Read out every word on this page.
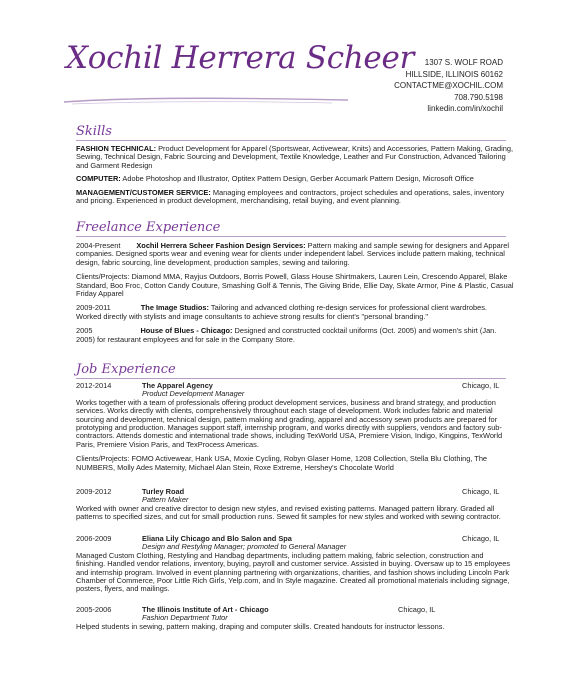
Xochil Herrera Scheer	1307 S. WOLF ROAD
HILLSIDE, ILLINOIS 60162
CONTACTME@XOCHIL.COM
708.790.5198
linkedin.com/in/xochil
Skills

FASHION TECHNICAL: Product Development for Apparel (Sportswear, Activewear, Knits) and Accessories, Pattern Making, Grading, Sewing, Technical Design, Fabric Sourcing and Development, Textile Knowledge, Leather and Fur Construction, Advanced Tailoring and Garment Redesign

COMPUTER: Adobe Photoshop and Illustrator, Optitex Pattern Design, Gerber Accumark Pattern Design, Microsoft Office

MANAGEMENT/CUSTOMER SERVICE: Managing employees and contractors, project schedules and operations, sales, inventory and pricing. Experienced in product development, merchandising, retail buying, and event planning.

Freelance Experience

2004-Present Xochil Herrera Scheer Fashion Design Services: Pattern making and sample sewing for designers and Apparel companies. Designed sports wear and evening wear for clients under independent label. Services include pattern making, technical design, fabric sourcing, line development, production samples, sewing and tailoring.

Clients/Projects: Diamond MMA, Rayjus Outdoors, Borris Powell, Glass House Shirtmakers, Lauren Lein, Crescendo Apparel, Blake Standard, Boo Froc, Cotton Candy Couture, Smashing Golf & Tennis, The Giving Bride, Ellie Day, Skate Armor, Pine & Plastic, Casual Friday Apparel

2009-2011	The Image Studios: Tailoring and advanced clothing re-design services for professional client wardrobes. Worked directly with stylists and image consultants to achieve strong results for client's "personal branding."

2005	House of Blues - Chicago: Designed and constructed cocktail uniforms (Oct. 2005) and women's shirt (Jan. 2005) for restaurant employees and for sale in the Company Store.

Job Experience
2012-2014	The Apparel Agency	Chicago, IL
Product Development Manager

Works together with a team of professionals offering product development services, business and brand strategy, and production services. Works directly with clients, comprehensively throughout each stage of development. Work includes fabric and material sourcing and development, technical design, pattern making and grading, apparel and accessory sewn products are prepared for prototyping and production. Manages support staff, internship program, and works directly with suppliers, vendors and factory sub-contractors. Attends domestic and international trade shows, including TexWorld USA, Premiere Vision, Indigo, Kingpins, TexWorld Paris, Premiere Vision Paris, and TexProcess Americas.

Clients/Projects: FOMO Activewear, Hank USA, Moxie Cycling, Robyn Glaser Home, 1208 Collection, Stella Blu Clothing, The NUMBERS, Molly Ades Maternity, Michael Alan Stein, Roxe Extreme, Hershey's Chocolate World

2009-2012	Turley Road	Chicago, IL
Pattern Maker

Worked with owner and creative director to design new styles, and revised existing patterns. Managed pattern library. Graded all patterns to specified sizes, and cut for small production runs. Sewed fit samples for new styles and worked with sewing contractor.

2006-2009	Eliana Lily Chicago and Blo Salon and Spa	Chicago, IL
Design and Restyling Manager; promoted to General Manager

Managed Custom Clothing, Restyling and Handbag departments, including pattern making, fabric selection, construction and finishing. Handled vendor relations, inventory, buying, payroll and customer service. Assisted in buying. Oversaw up to 15 employees and internship program. Involved in event planning partnering with organizations, charities, and fashion shows including Lincoln Park Chamber of Commerce, Poor Little Rich Girls, Yelp.com, and In Style magazine. Created all promotional materials including signage, posters, flyers, and mailings.

2005-2006	The Illinois Institute of Art - Chicago	Chicago, IL
Fashion Department Tutor

Helped students in sewing, pattern making, draping and computer skills. Created handouts for instructor lessons.
